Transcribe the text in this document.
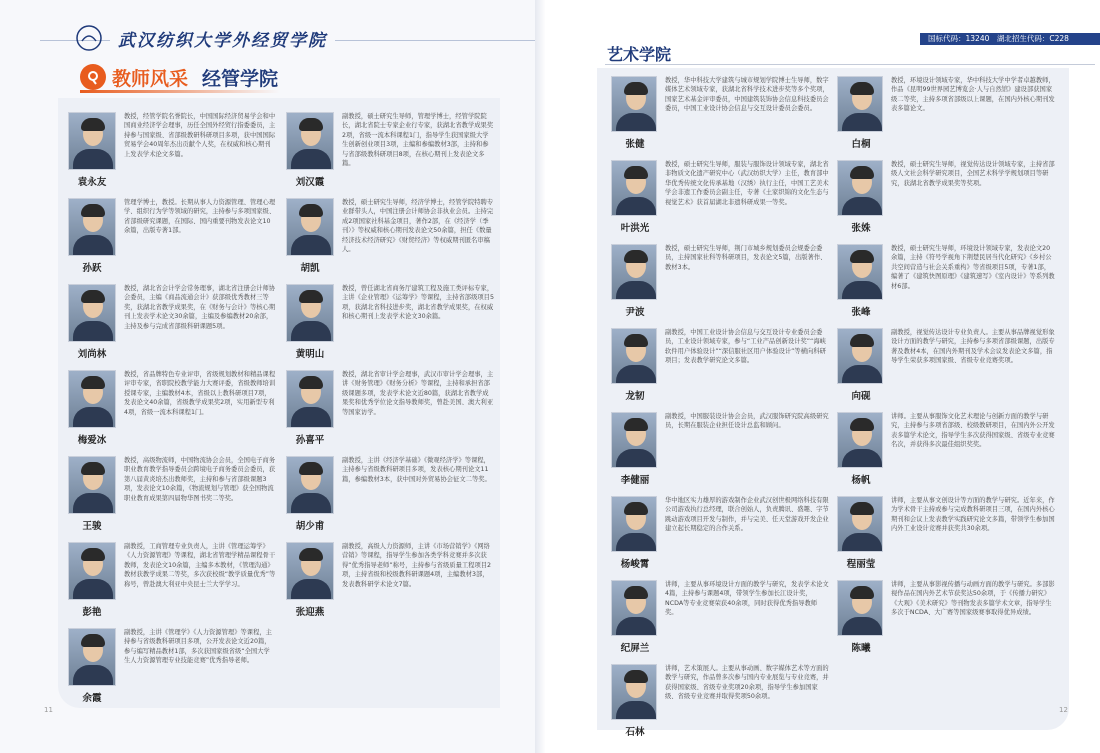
武汉纺织大学外经贸学院
教师风采 经管学院
袁永友
教授，经管学院名誉院长，中国国际经济贸易学会和中国商业经济学会理事，历任全国外经贸行指委委员，主持参与国家级、省部级教研科研项目多项，获中国国际贸易学会40周年杰出贡献个人奖，在权威和核心期刊上发表学术论文多篇。
刘汉霞
副教授，硕士研究生导师，管理学博士，经管学院院长，湖北省院士专家企业行专家，获湖北省教学成果奖2项，省级一流本科课程1门，指导学生获国家级大学生创新创业项目3项，主编和参编教材3部，主持和参与省部级教科研项目8项，在核心期刊上发表论文多篇。
孙跃
管理学博士，教授。长期从事人力资源管理、管理心理学、组织行为学等领域的研究，主持参与多项国家级、省部级研究课题，在国际、国内重要刊物发表论文10余篇，出版专著1部。
胡凯
教授，硕士研究生导师，经济学博士，经管学院特聘专业群带头人，中国注册会计师协会非执业会员。主持完成2项国家社科基金项目，著作2部，在《经济学（季刊）》等权威和核心期刊发表论文50余篇，担任《数量经济技术经济研究》《财贸经济》等权威期刊匿名审稿人。
刘尚林
教授，湖北省会计学会常务理事，湖北省注册会计师协会委员，主编《商品流通会计》获部级优秀教材三等奖，获湖北省教学成果奖，在《财务与会计》等核心期刊上发表学术论文30余篇，主编及参编教材20余部，主持及参与完成省部级科研课题5项。
黄明山
教授，曾任湖北省商务厅建筑工程及施工类评标专家，主讲《企业管理》《运筹学》等课程，主持省部级项目5项，获湖北省科技进步奖，湖北省教学成果奖，在权威和核心期刊上发表学术论文30余篇。
梅爱冰
教授，省品牌特色专业评审，省级规划教材和精品课程评审专家，省职院校教学能力大赛评委，省级教师培训授课专家，主编教材4本，省级以上教科研项目7项，发表论文40余篇，省级教学成果奖2项，实用新型专利4项，省级一流本科课程1门。
孙喜平
教授，湖北省审计学会理事，武汉市审计学会理事，主讲《财务管理》《财务分析》等课程，主持和承担省部级课题多项，发表学术论文近80篇，获湖北省教学成果奖和优秀学位论文指导教师奖，曾赴美国、澳大利亚等国家访学。
王骏
教授，高级物流师，中国物流协会会员，全国电子商务职业教育教学指导委员会跨境电子商务委员会委员，获第八届黄炎培杰出教师奖，主持和参与省部级课题3项，发表论文10余篇，《物流规划与管理》获全国物流职业教育成果第四届物华图书奖二等奖。
胡少甫
副教授，主讲《经济学基础》《微观经济学》等课程，主持参与省级教科研项目多项，发表核心期刊论文11篇，参编教材3本，获中国对外贸易协会征文二等奖。
彭艳
副教授，工商管理专业负责人，主讲《管理运筹学》《人力资源管理》等课程，湖北省管理学精品课程骨干教师，发表论文10余篇，主编多本教材，《管理沟通》教材获教学成果二等奖，多次获校级“教学质量优秀”等称号，曾赴澳大利亚中央昆士兰大学学习。
张迎燕
副教授，高级人力资源师，主讲《市场营销学》《网络营销》等课程，指导学生参加各类学科竞赛并多次获得“优秀指导老师”称号，主持参与省级质量工程项目2项，主持省级和校级教科研课题4项，主编教材3部，发表教科研学术论文7篇。
余霞
副教授，主讲《管理学》《人力资源管理》等课程，主持参与省级教科研项目多项，公开发表论文近20篇，参与编写精品教材1部，多次获国家级省级“全国大学生人力资源管理专业技能竞赛”优秀指导老师。
11
国标代码：13240　湖北招生代码：C228
艺术学院
张健
教授，华中科技大学建筑与城市规划学院博士生导师，数字媒体艺术领域专家，获湖北省科学技术进步奖等多个奖项，国家艺术基金评审委员，中国建筑装饰协会信息科技委员会委员，中国工业设计协会信息与交互设计委员会委员。
白桐
教授，环境设计领域专家，华中科技大学中学者卓越教师，作品《昆明99世界园艺博览会·人与自然馆》建设部获国家级二等奖，主持多项省部级以上课题，在国内外核心期刊发表多篇论文。
叶洪光
教授，硕士研究生导师，服装与服饰设计领域专家，湖北省非物质文化遗产研究中心（武汉纺织大学）主任，教育部中华优秀传统文化传承基地（汉绣）执行主任，中国工艺美术学会非遗工作委员会副主任，专著《土家织锦的文化生态与视觉艺术》获首届湖北非遗科研成果一等奖。
张姝
教授，硕士研究生导师，视觉传达设计领域专家，主持省部级人文社会科学研究项目，全国艺术科学学规划项目等研究，获湖北省教学成果奖等奖项。
尹波
教授，硕士研究生导师，荆门市城乡规划委员会规委会委员，主持国家社科等科研项目，发表论文5篇，出版著作、教材3本。
张峰
教授，硕士研究生导师，环境设计领域专家，发表论文20余篇，主持《符号学视角下荆楚民居当代化研究》《乡村公共空间营造与社会关系重构》等省级项目5项，专著1部，编著了《建筑快图原理》《建筑速写》《室内设计》等系列教材6部。
龙韧
副教授，中国工业设计协会信息与交互设计专业委员会委员，工业设计领域专家，参与“工业产品创新设计奖”“海峡软件用户体验设计”“深信服社区用户体验设计”等横向科研项目；发表教学研究论文多篇。
向砚
副教授，视觉传达设计专业负责人。主要从事品牌视觉形象设计方面的教学与研究，主持参与多项省部级课题，出版专著及教材4本，在国内外期刊及学术会议发表论文多篇，指导学生荣获多项国家级、省级专业竞赛奖项。
李健丽
副教授，中国服装设计协会会员，武汉服饰研究院高级研究员，长期在服装企业担任设计总监和顾问。
杨帆
讲师。主要从事服饰文化艺术理论与创新方面的教学与研究，主持参与多项省部级、校级教研项目，在国内外公开发表多篇学术论文，指导学生多次获得国家级、省级专业竞赛名次，并获得多次最佳组织奖奖。
杨峻霄
华中地区实力雄厚的游戏制作企业武汉创世极网络科技有限公司游戏执行总经理，联合创始人，负责腾讯、盛趣、字节跳动游戏项目开发与制作，并与完美、任天堂游戏开发企业建立起长期稳定的合作关系。
程丽莹
讲师，主要从事文创设计等方面的教学与研究。近年来，作为学术骨干主持或参与完成教科研项目三项，在国内外核心期刊和会议上发表教学实践研究论文多篇，带领学生参加国内外工业设计竞赛并获奖共30余项。
纪屏兰
讲师，主要从事环境设计方面的教学与研究，发表学术论文4篇，主持参与课题4项，带领学生参加长江设计奖，NCDA等专业竞赛荣获40余项，同时获得优秀指导教师奖。
陈曦
讲师，主要从事影视传播与动画方面的教学与研究。多部影视作品在国内外艺术节获奖达50余项，于《传播力研究》《大观》《美术研究》等刊物发表多篇学术文章，指导学生多次于NCDA、大广赛等国家级赛事取得优异成绩。
石林
讲师，艺术策展人。主要从事动画、数字媒体艺术等方面的教学与研究，作品曾多次参与国内专业展览与专业竞赛，并获得国家级、省级专业奖项20余项，指导学生参加国家级、省级专业竞赛并取得奖项50余项。
12
